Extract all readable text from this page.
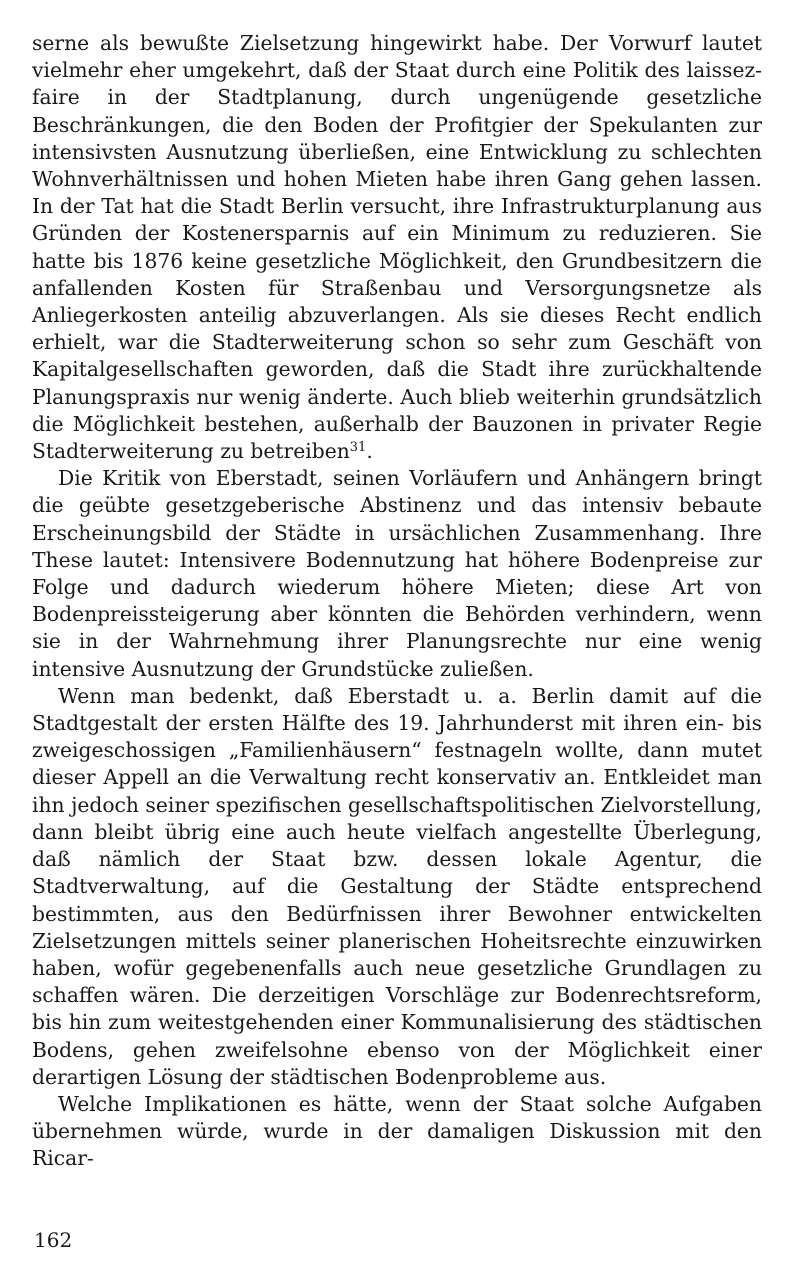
serne als bewußte Zielsetzung hingewirkt habe. Der Vorwurf lautet vielmehr eher umgekehrt, daß der Staat durch eine Politik des laissez-faire in der Stadtplanung, durch ungenügende gesetzliche Beschränkungen, die den Boden der Profitgier der Spekulanten zur intensivsten Ausnutzung überließen, eine Entwicklung zu schlechten Wohnverhältnissen und hohen Mieten habe ihren Gang gehen lassen. In der Tat hat die Stadt Berlin versucht, ihre Infrastrukturplanung aus Gründen der Kostenersparnis auf ein Minimum zu reduzieren. Sie hatte bis 1876 keine gesetzliche Möglichkeit, den Grundbesitzern die anfallenden Kosten für Straßenbau und Versorgungsnetze als Anliegerkosten anteilig abzuverlangen. Als sie dieses Recht endlich erhielt, war die Stadterweiterung schon so sehr zum Geschäft von Kapitalgesellschaften geworden, daß die Stadt ihre zurückhaltende Planungspraxis nur wenig änderte. Auch blieb weiterhin grundsätzlich die Möglichkeit bestehen, außerhalb der Bauzonen in privater Regie Stadterweiterung zu betreiben$^{31}$.

Die Kritik von Eberstadt, seinen Vorläufern und Anhängern bringt die geübte gesetzgeberische Abstinenz und das intensiv bebaute Erscheinungsbild der Städte in ursächlichen Zusammenhang. Ihre These lautet: Intensivere Bodennutzung hat höhere Bodenpreise zur Folge und dadurch wiederum höhere Mieten; diese Art von Bodenpreissteigerung aber könnten die Behörden verhindern, wenn sie in der Wahrnehmung ihrer Planungsrechte nur eine wenig intensive Ausnutzung der Grundstücke zuließen.

Wenn man bedenkt, daß Eberstadt u. a. Berlin damit auf die Stadtgestalt der ersten Hälfte des 19. Jahrhunderst mit ihren ein- bis zweigeschossigen „Familienhäusern“ festnageln wollte, dann mutet dieser Appell an die Verwaltung recht konservativ an. Entkleidet man ihn jedoch seiner spezifischen gesellschaftspolitischen Zielvorstellung, dann bleibt übrig eine auch heute vielfach angestellte Überlegung, daß nämlich der Staat bzw. dessen lokale Agentur, die Stadtverwaltung, auf die Gestaltung der Städte entsprechend bestimmten, aus den Bedürfnissen ihrer Bewohner entwickelten Zielsetzungen mittels seiner planerischen Hoheitsrechte einzuwirken haben, wofür gegebenenfalls auch neue gesetzliche Grundlagen zu schaffen wären. Die derzeitigen Vorschläge zur Bodenrechtsreform, bis hin zum weitestgehenden einer Kommunalisierung des städtischen Bodens, gehen zweifelsohne ebenso von der Möglichkeit einer derartigen Lösung der städtischen Bodenprobleme aus.

Welche Implikationen es hätte, wenn der Staat solche Aufgaben übernehmen würde, wurde in der damaligen Diskussion mit den Ricar-

162
